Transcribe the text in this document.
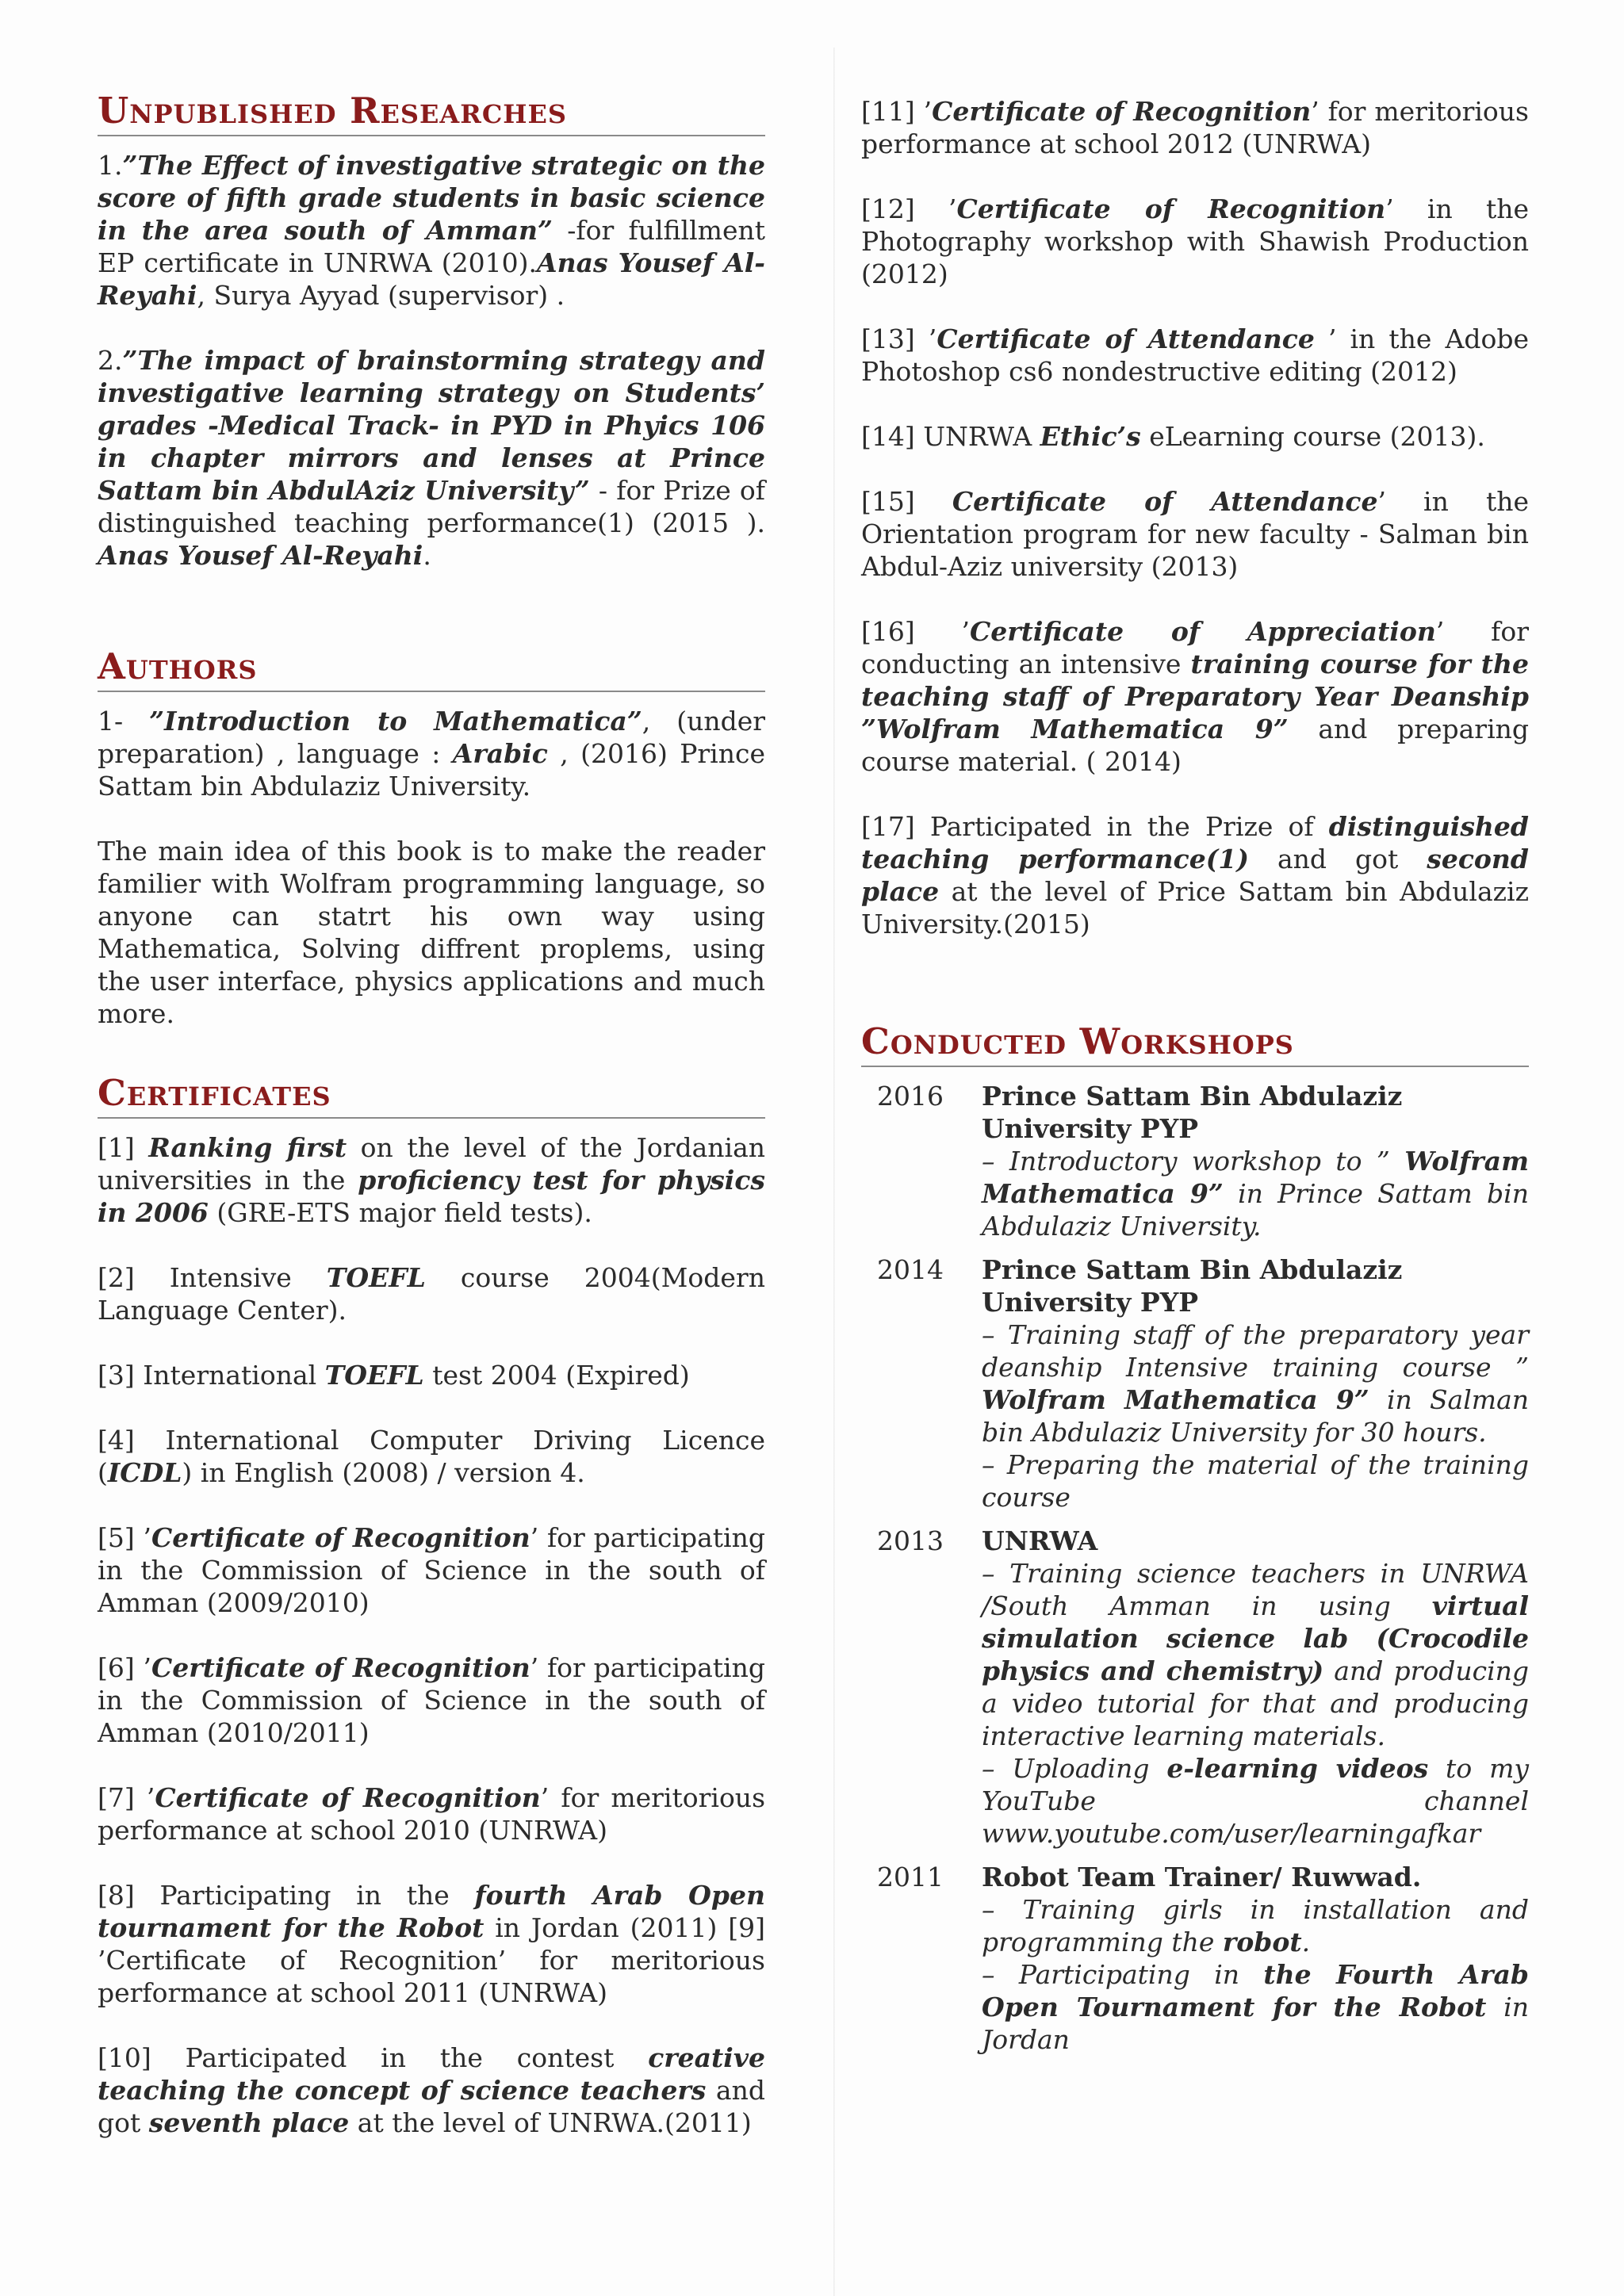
Unpublished Researches

1.”The Effect of investigative strategic on the score of fifth grade students in basic science in the area south of Amman” -for fulfillment EP certificate in UNRWA (2010).Anas Yousef Al-Reyahi, Surya Ayyad (supervisor) .

2.”The impact of brainstorming strategy and investigative learning strategy on Students’ grades -Medical Track- in PYD in Phyics 106 in chapter mirrors and lenses at Prince Sattam bin AbdulAziz University” - for Prize of distinguished teaching performance(1) (2015 ). Anas Yousef Al-Reyahi.

Authors

1- ”Introduction to Mathematica”, (under preparation) , language : Arabic , (2016) Prince Sattam bin Abdulaziz University.

The main idea of this book is to make the reader familier with Wolfram programming language, so anyone can statrt his own way using Mathematica, Solving diffrent proplems, using the user interface, physics applications and much more.

Certificates

[1] Ranking first on the level of the Jordanian universities in the proficiency test for physics in 2006 (GRE-ETS major field tests).

[2] Intensive TOEFL course 2004(Modern Language Center).

[3] International TOEFL test 2004 (Expired)

[4] International Computer Driving Licence (ICDL) in English (2008) / version 4.

[5] ’Certificate of Recognition’ for participating in the Commission of Science in the south of Amman (2009/2010)

[6] ’Certificate of Recognition’ for participating in the Commission of Science in the south of Amman (2010/2011)

[7] ’Certificate of Recognition’ for meritorious performance at school 2010 (UNRWA)

[8] Participating in the fourth Arab Open tournament for the Robot in Jordan (2011) [9] ’Certificate of Recognition’ for meritorious performance at school 2011 (UNRWA)

[10] Participated in the contest creative teaching the concept of science teachers and got seventh place at the level of UNRWA.(2011)

[11] ’Certificate of Recognition’ for meritorious performance at school 2012 (UNRWA)

[12] ’Certificate of Recognition’ in the Photography workshop with Shawish Production (2012)

[13] ’Certificate of Attendance ’ in the Adobe Photoshop cs6 nondestructive editing (2012)

[14] UNRWA Ethic’s eLearning course (2013).

[15] Certificate of Attendance’ in the Orientation program for new faculty - Salman bin Abdul-Aziz university (2013)

[16] ’Certificate of Appreciation’ for conducting an intensive training course for the teaching staff of Preparatory Year Deanship ”Wolfram Mathematica 9” and preparing course material. ( 2014)

[17] Participated in the Prize of distinguished teaching performance(1) and got second place at the level of Price Sattam bin Abdulaziz University.(2015)

Conducted Workshops
2016	Prince Sattam Bin Abdulaziz University PYP

– Introductory workshop to ” Wolfram Mathematica 9” in Prince Sattam bin Abdulaziz University.

2014	Prince Sattam Bin Abdulaziz University PYP

– Training staff of the preparatory year deanship Intensive training course ” Wolfram Mathematica 9” in Salman bin Abdulaziz University for 30 hours.

– Preparing the material of the training course

2013	UNRWA

– Training science teachers in UNRWA /South Amman in using virtual simulation science lab (Crocodile physics and chemistry) and producing a video tutorial for that and producing interactive learning materials.

– Uploading e-learning videos to my YouTube channel www.youtube.com/user/learningafkar

2011	Robot Team Trainer/ Ruwwad.

– Training girls in installation and programming the robot.

– Participating in the Fourth Arab Open Tournament for the Robot in Jordan
